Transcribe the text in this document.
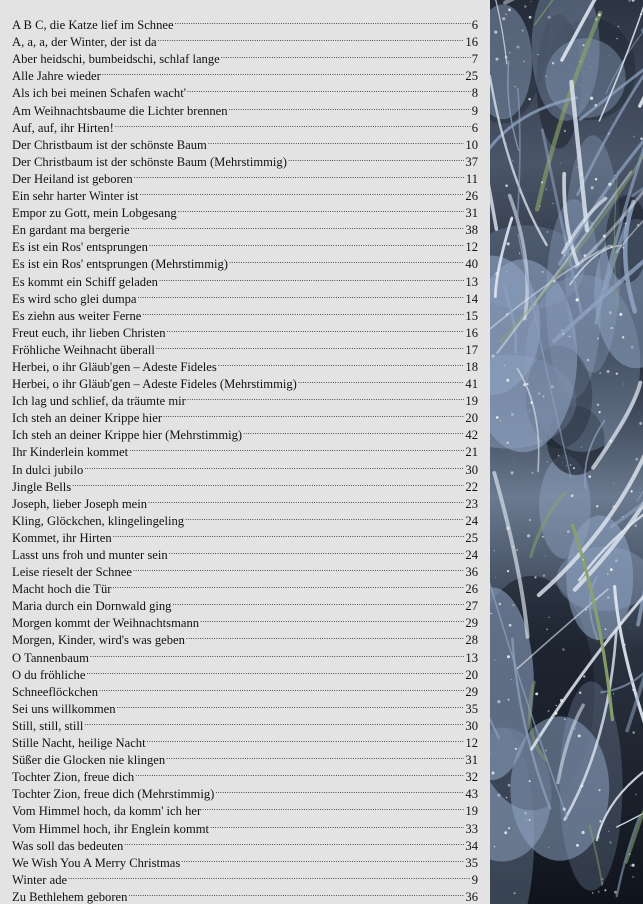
A B C, die Katze lief im Schnee .....	6
A, a, a, der Winter, der ist da .....	16
Aber heidschi, bumbeidschi, schlaf lange .....	7
Alle Jahre wieder .....	25
Als ich bei meinen Schafen wacht' .....	8
Am Weihnachtsbaume die Lichter brennen .....	9
Auf, auf, ihr Hirten! .....	6
Der Christbaum ist der schönste Baum .....	10
Der Christbaum ist der schönste Baum (Mehrstimmig) .....	37
Der Heiland ist geboren .....	11
Ein sehr harter Winter ist .....	26
Empor zu Gott, mein Lobgesang .....	31
En gardant ma bergerie .....	38
Es ist ein Ros' entsprungen .....	12
Es ist ein Ros' entsprungen (Mehrstimmig) .....	40
Es kommt ein Schiff geladen .....	13
Es wird scho glei dumpa .....	14
Es ziehn aus weiter Ferne .....	15
Freut euch, ihr lieben Christen .....	16
Fröhliche Weihnacht überall .....	17
Herbei, o ihr Gläub'gen – Adeste Fideles .....	18
Herbei, o ihr Gläub'gen – Adeste Fideles (Mehrstimmig) .....	41
Ich lag und schlief, da träumte mir .....	19
Ich steh an deiner Krippe hier .....	20
Ich steh an deiner Krippe hier (Mehrstimmig) .....	42
Ihr Kinderlein kommet .....	21
In dulci jubilo .....	30
Jingle Bells .....	22
Joseph, lieber Joseph mein .....	23
Kling, Glöckchen, klingelingeling .....	24
Kommet, ihr Hirten .....	25
Lasst uns froh und munter sein .....	24
Leise rieselt der Schnee .....	36
Macht hoch die Tür .....	26
Maria durch ein Dornwald ging .....	27
Morgen kommt der Weihnachtsmann .....	29
Morgen, Kinder, wird's was geben .....	28
O Tannenbaum .....	13
O du fröhliche .....	20
Schneeflöckchen .....	29
Sei uns willkommen .....	35
Still, still, still .....	30
Stille Nacht, heilige Nacht .....	12
Süßer die Glocken nie klingen .....	31
Tochter Zion, freue dich .....	32
Tochter Zion, freue dich (Mehrstimmig) .....	43
Vom Himmel hoch, da komm' ich her .....	19
Vom Himmel hoch, ihr Englein kommt .....	33
Was soll das bedeuten .....	34
We Wish You A Merry Christmas .....	35
Winter ade .....	9
Zu Bethlehem geboren .....	36
